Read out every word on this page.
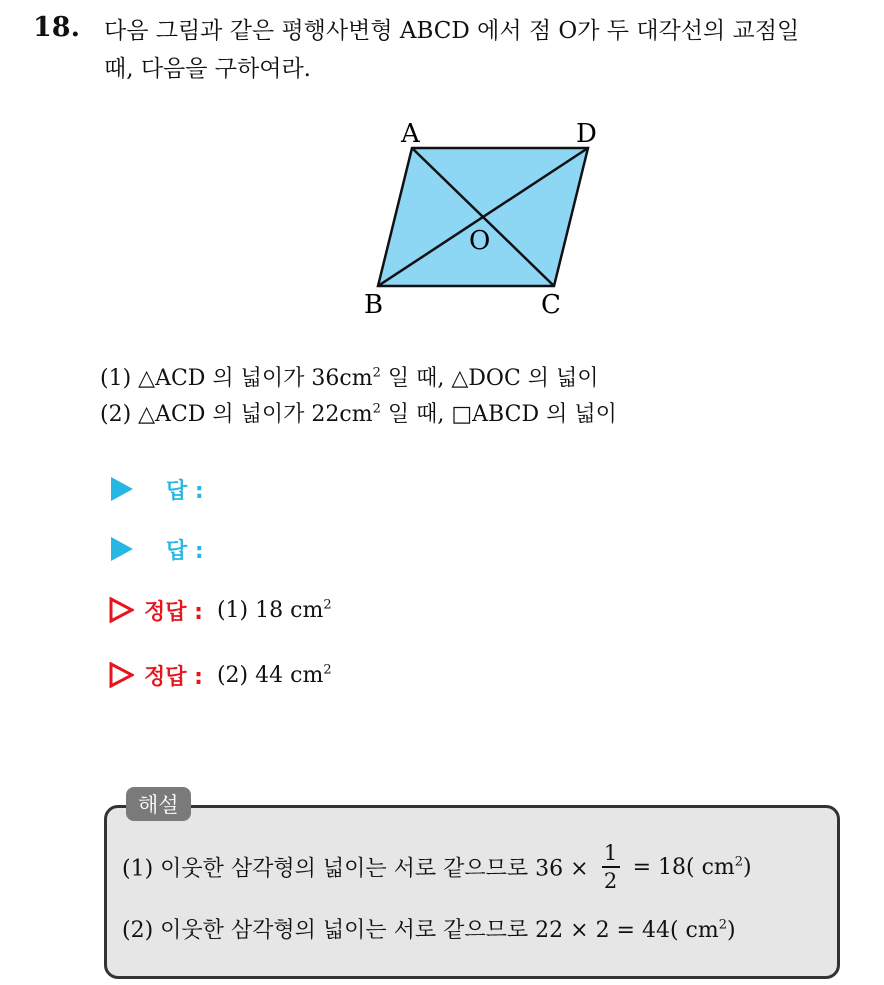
18. 다음 그림과 같은 평행사변형 ABCD 에서 점 O가 두 대각선의 교점일
때, 다음을 구하여라.
A	D
B	C
O
(1) △ACD 의 넓이가 $36cm^2$ 일 때, △DOC 의 넓이
(2) △ACD 의 넓이가 $22cm^2$ 일 때, □ABCD 의 넓이
답 :
답 :
정답 : (1) 18 $cm^2$
정답 : (2) 44 $cm^2$
해설
(1) 이웃한 삼각형의 넓이는 서로 같으므로 $36 \times \frac{1}{2} = 18$( $cm^2$)
(2) 이웃한 삼각형의 넓이는 서로 같으므로 22 × 2 = 44( $cm^2$)
